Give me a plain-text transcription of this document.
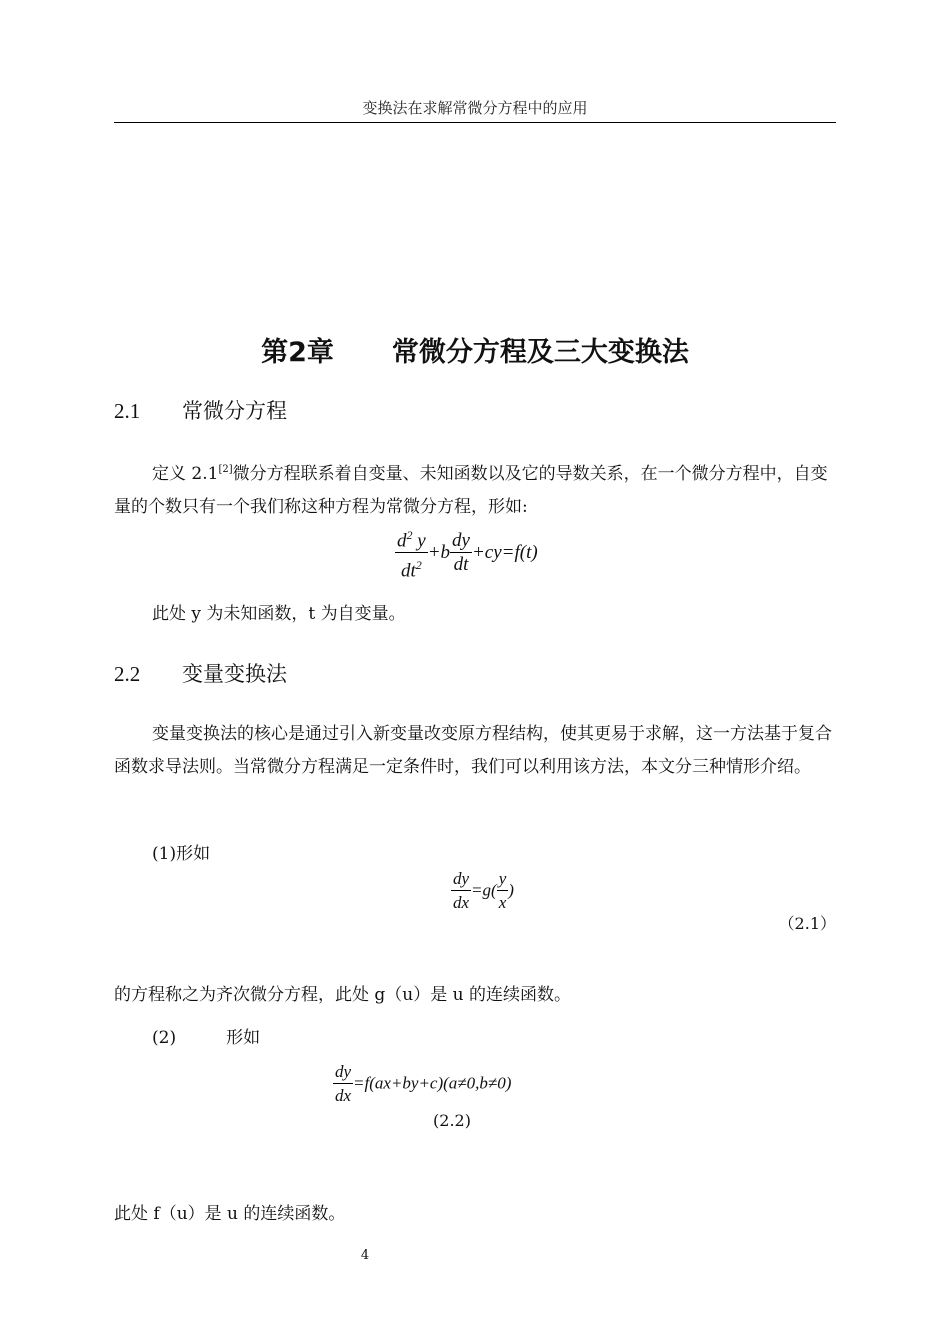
变换法在求解常微分方程中的应用
第2章 常微分方程及三大变换法
2.1 常微分方程
定义 2.1[2]微分方程联系着自变量、未知函数以及它的导数关系，在一个微分方程中，自变量的个数只有一个我们称这种方程为常微分方程，形如:
$\frac{d^2 y}{dt^2} +b \frac{dy}{dt} +cy=f(t)$
此处 y 为未知函数，t 为自变量。
2.2 变量变换法
变量变换法的核心是通过引入新变量改变原方程结构，使其更易于求解，这一方法基于复合函数求导法则。当常微分方程满足一定条件时，我们可以利用该方法，本文分三种情形介绍。
(1)形如
$\frac{dy}{dx} =g( \frac{y}{x}$ )
（2.1）
的方程称之为齐次微分方程，此处 g（u）是 u 的连续函数。
(2)	形如
$\frac{dy}{dx} =f(ax+by+c)(a\ne 0,b\ne 0)$
(2.2)
此处 f（u）是 u 的连续函数。
4
